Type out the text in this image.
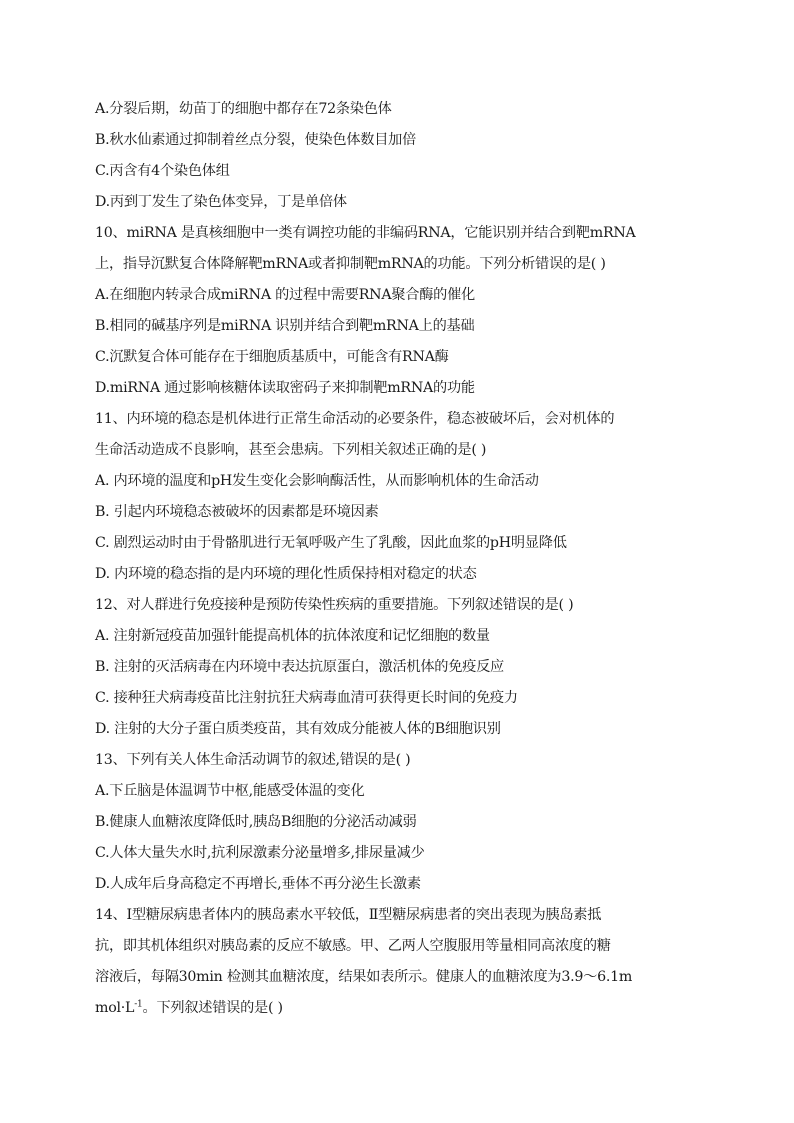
A.分裂后期，幼苗丁的细胞中都存在72条染色体
B.秋水仙素通过抑制着丝点分裂，使染色体数目加倍
C.丙含有4个染色体组
D.丙到丁发生了染色体变异，丁是单倍体
10、miRNA 是真核细胞中一类有调控功能的非编码RNA，它能识别并结合到靶mRNA
上，指导沉默复合体降解靶mRNA或者抑制靶mRNA的功能。下列分析错误的是( )
A.在细胞内转录合成miRNA 的过程中需要RNA聚合酶的催化
B.相同的碱基序列是miRNA 识别并结合到靶mRNA上的基础
C.沉默复合体可能存在于细胞质基质中，可能含有RNA酶
D.miRNA 通过影响核糖体读取密码子来抑制靶mRNA的功能
11、内环境的稳态是机体进行正常生命活动的必要条件，稳态被破坏后，会对机体的
生命活动造成不良影响，甚至会患病。下列相关叙述正确的是( )
A. 内环境的温度和pH发生变化会影响酶活性，从而影响机体的生命活动
B. 引起内环境稳态被破坏的因素都是环境因素
C. 剧烈运动时由于骨骼肌进行无氧呼吸产生了乳酸，因此血浆的pH明显降低
D. 内环境的稳态指的是内环境的理化性质保持相对稳定的状态
12、对人群进行免疫接种是预防传染性疾病的重要措施。下列叙述错误的是( )
A. 注射新冠疫苗加强针能提高机体的抗体浓度和记忆细胞的数量
B. 注射的灭活病毒在内环境中表达抗原蛋白，激活机体的免疫反应
C. 接种狂犬病毒疫苗比注射抗狂犬病毒血清可获得更长时间的免疫力
D. 注射的大分子蛋白质类疫苗，其有效成分能被人体的B细胞识别
13、下列有关人体生命活动调节的叙述,错误的是( )
A.下丘脑是体温调节中枢,能感受体温的变化
B.健康人血糖浓度降低时,胰岛B细胞的分泌活动减弱
C.人体大量失水时,抗利尿激素分泌量增多,排尿量减少
D.人成年后身高稳定不再增长,垂体不再分泌生长激素
14、Ⅰ型糖尿病患者体内的胰岛素水平较低，Ⅱ型糖尿病患者的突出表现为胰岛素抵
抗，即其机体组织对胰岛素的反应不敏感。甲、乙两人空腹服用等量相同高浓度的糖
溶液后，每隔30min 检测其血糖浓度，结果如表所示。健康人的血糖浓度为3.9～6.1m
$mol\cdot L^{-1}$。下列叙述错误的是( )
